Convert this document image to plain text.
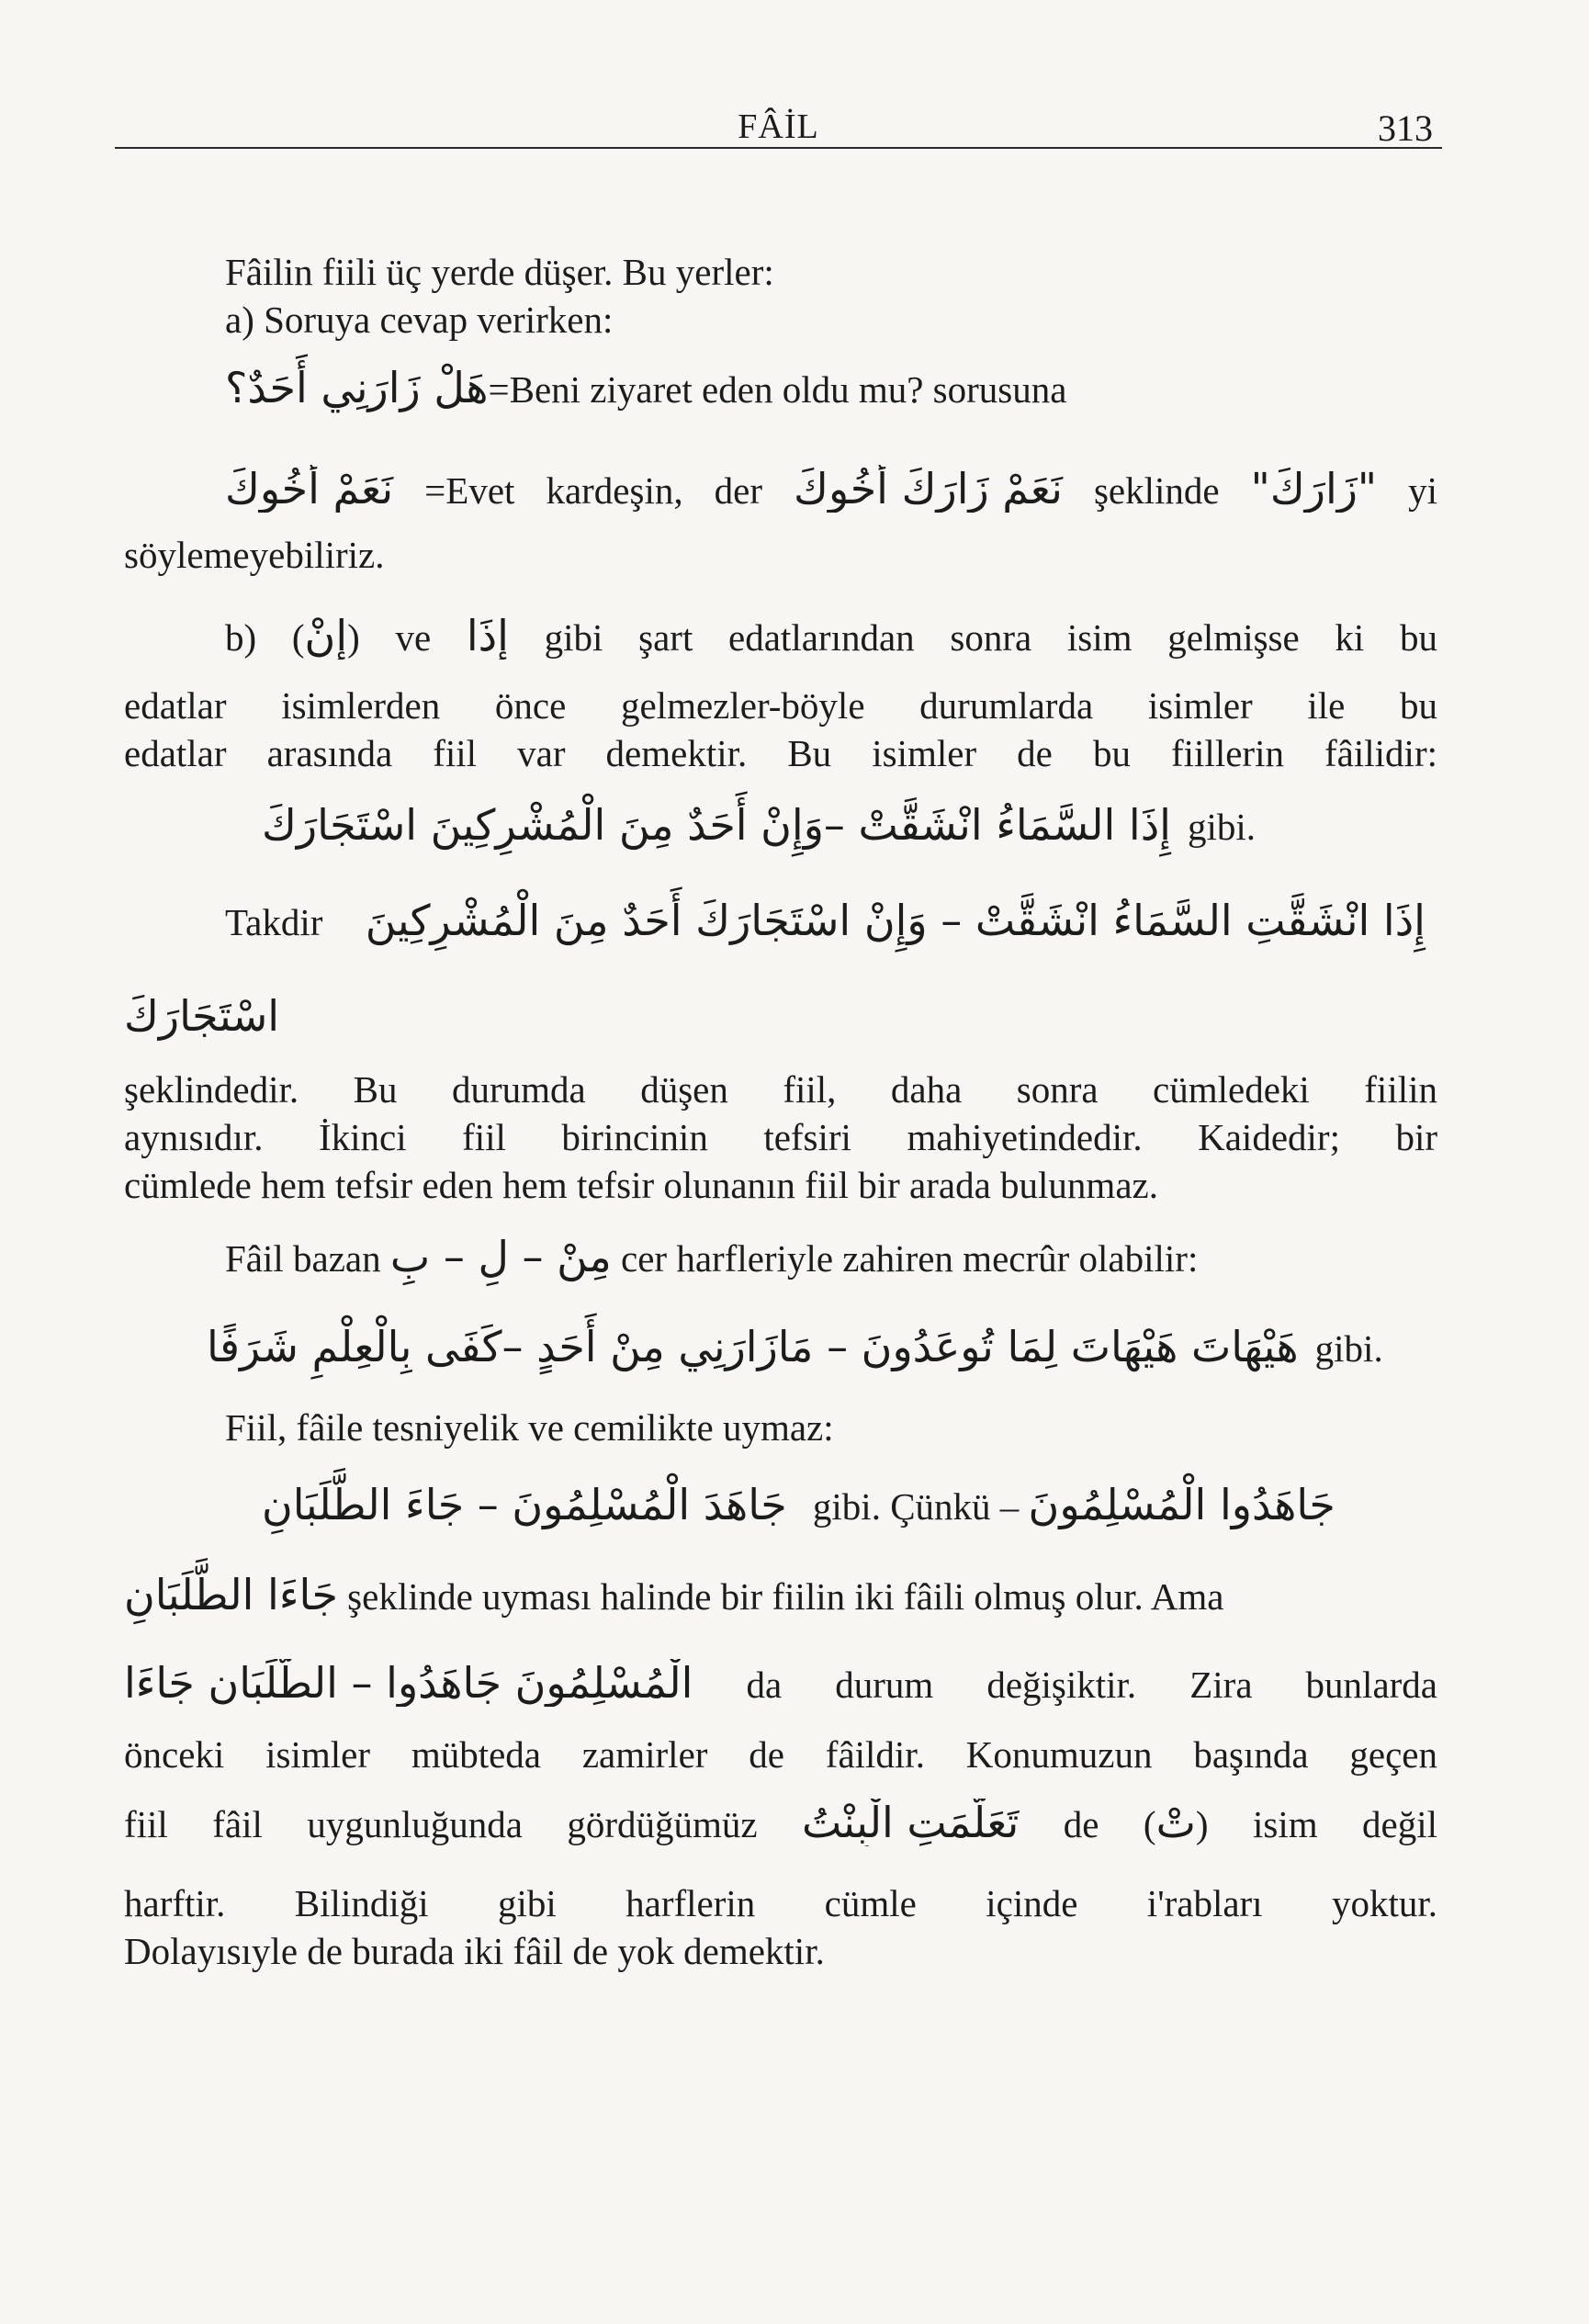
FÂİL	313
Fâilin fiili üç yerde düşer. Bu yerler:
a) Soruya cevap verirken:
هَلْ زَارَنِي أَحَدٌ؟=Beni ziyaret eden oldu mu? sorusuna
نَعَمْ أَخُوكَ =Evet kardeşin, der نَعَمْ زَارَكَ أَخُوكَ şeklinde "زَارَكَ" yi
söylemeyebiliriz.
b) (إِنْ) ve إِذَا gibi şart edatlarından sonra isim gelmişse ki bu
edatlar isimlerden önce gelmezler-böyle durumlarda isimler ile bu
edatlar arasında fiil var demektir. Bu isimler de bu fiillerin fâilidir:
إِذَا السَّمَاءُ انْشَقَّتْ –وَإِنْ أَحَدٌ مِنَ الْمُشْرِكِينَ اسْتَجَارَكَ gibi.
Takdir إِذَا انْشَقَّتِ السَّمَاءُ انْشَقَّتْ – وَإِنْ اسْتَجَارَكَ أَحَدٌ مِنَ الْمُشْرِكِينَ
اسْتَجَارَكَ
şeklindedir. Bu durumda düşen fiil, daha sonra cümledeki fiilin
aynısıdır. İkinci fiil birincinin tefsiri mahiyetindedir. Kaidedir; bir
cümlede hem tefsir eden hem tefsir olunanın fiil bir arada bulunmaz.
Fâil bazan مِنْ – لِ – بِ cer harfleriyle zahiren mecrûr olabilir:
هَيْهَاتَ هَيْهَاتَ لِمَا تُوعَدُونَ – مَازَارَنِي مِنْ أَحَدٍ –كَفَى بِالْعِلْمِ شَرَفًا gibi.
Fiil, fâile tesniyelik ve cemilikte uymaz:
جَاهَدَ الْمُسْلِمُونَ – جَاءَ الطَّلَبَانِ gibi. Çünkü – جَاهَدُوا الْمُسْلِمُونَ
جَاءَا الطَّلَبَانِ şeklinde uyması halinde bir fiilin iki fâili olmuş olur. Ama
الْمُسْلِمُونَ جَاهَدُوا – الطَّلَبَانِ جَاءَا da durum değişiktir. Zira bunlarda
önceki isimler mübteda zamirler de fâildir. Konumuzun başında geçen
fiil fâil uygunluğunda gördüğümüz تَعَلَّمَتِ الْبِنْتُ de (تْ) isim değil
harftir. Bilindiği gibi harflerin cümle içinde i'rabları yoktur.
Dolayısıyle de burada iki fâil de yok demektir.
